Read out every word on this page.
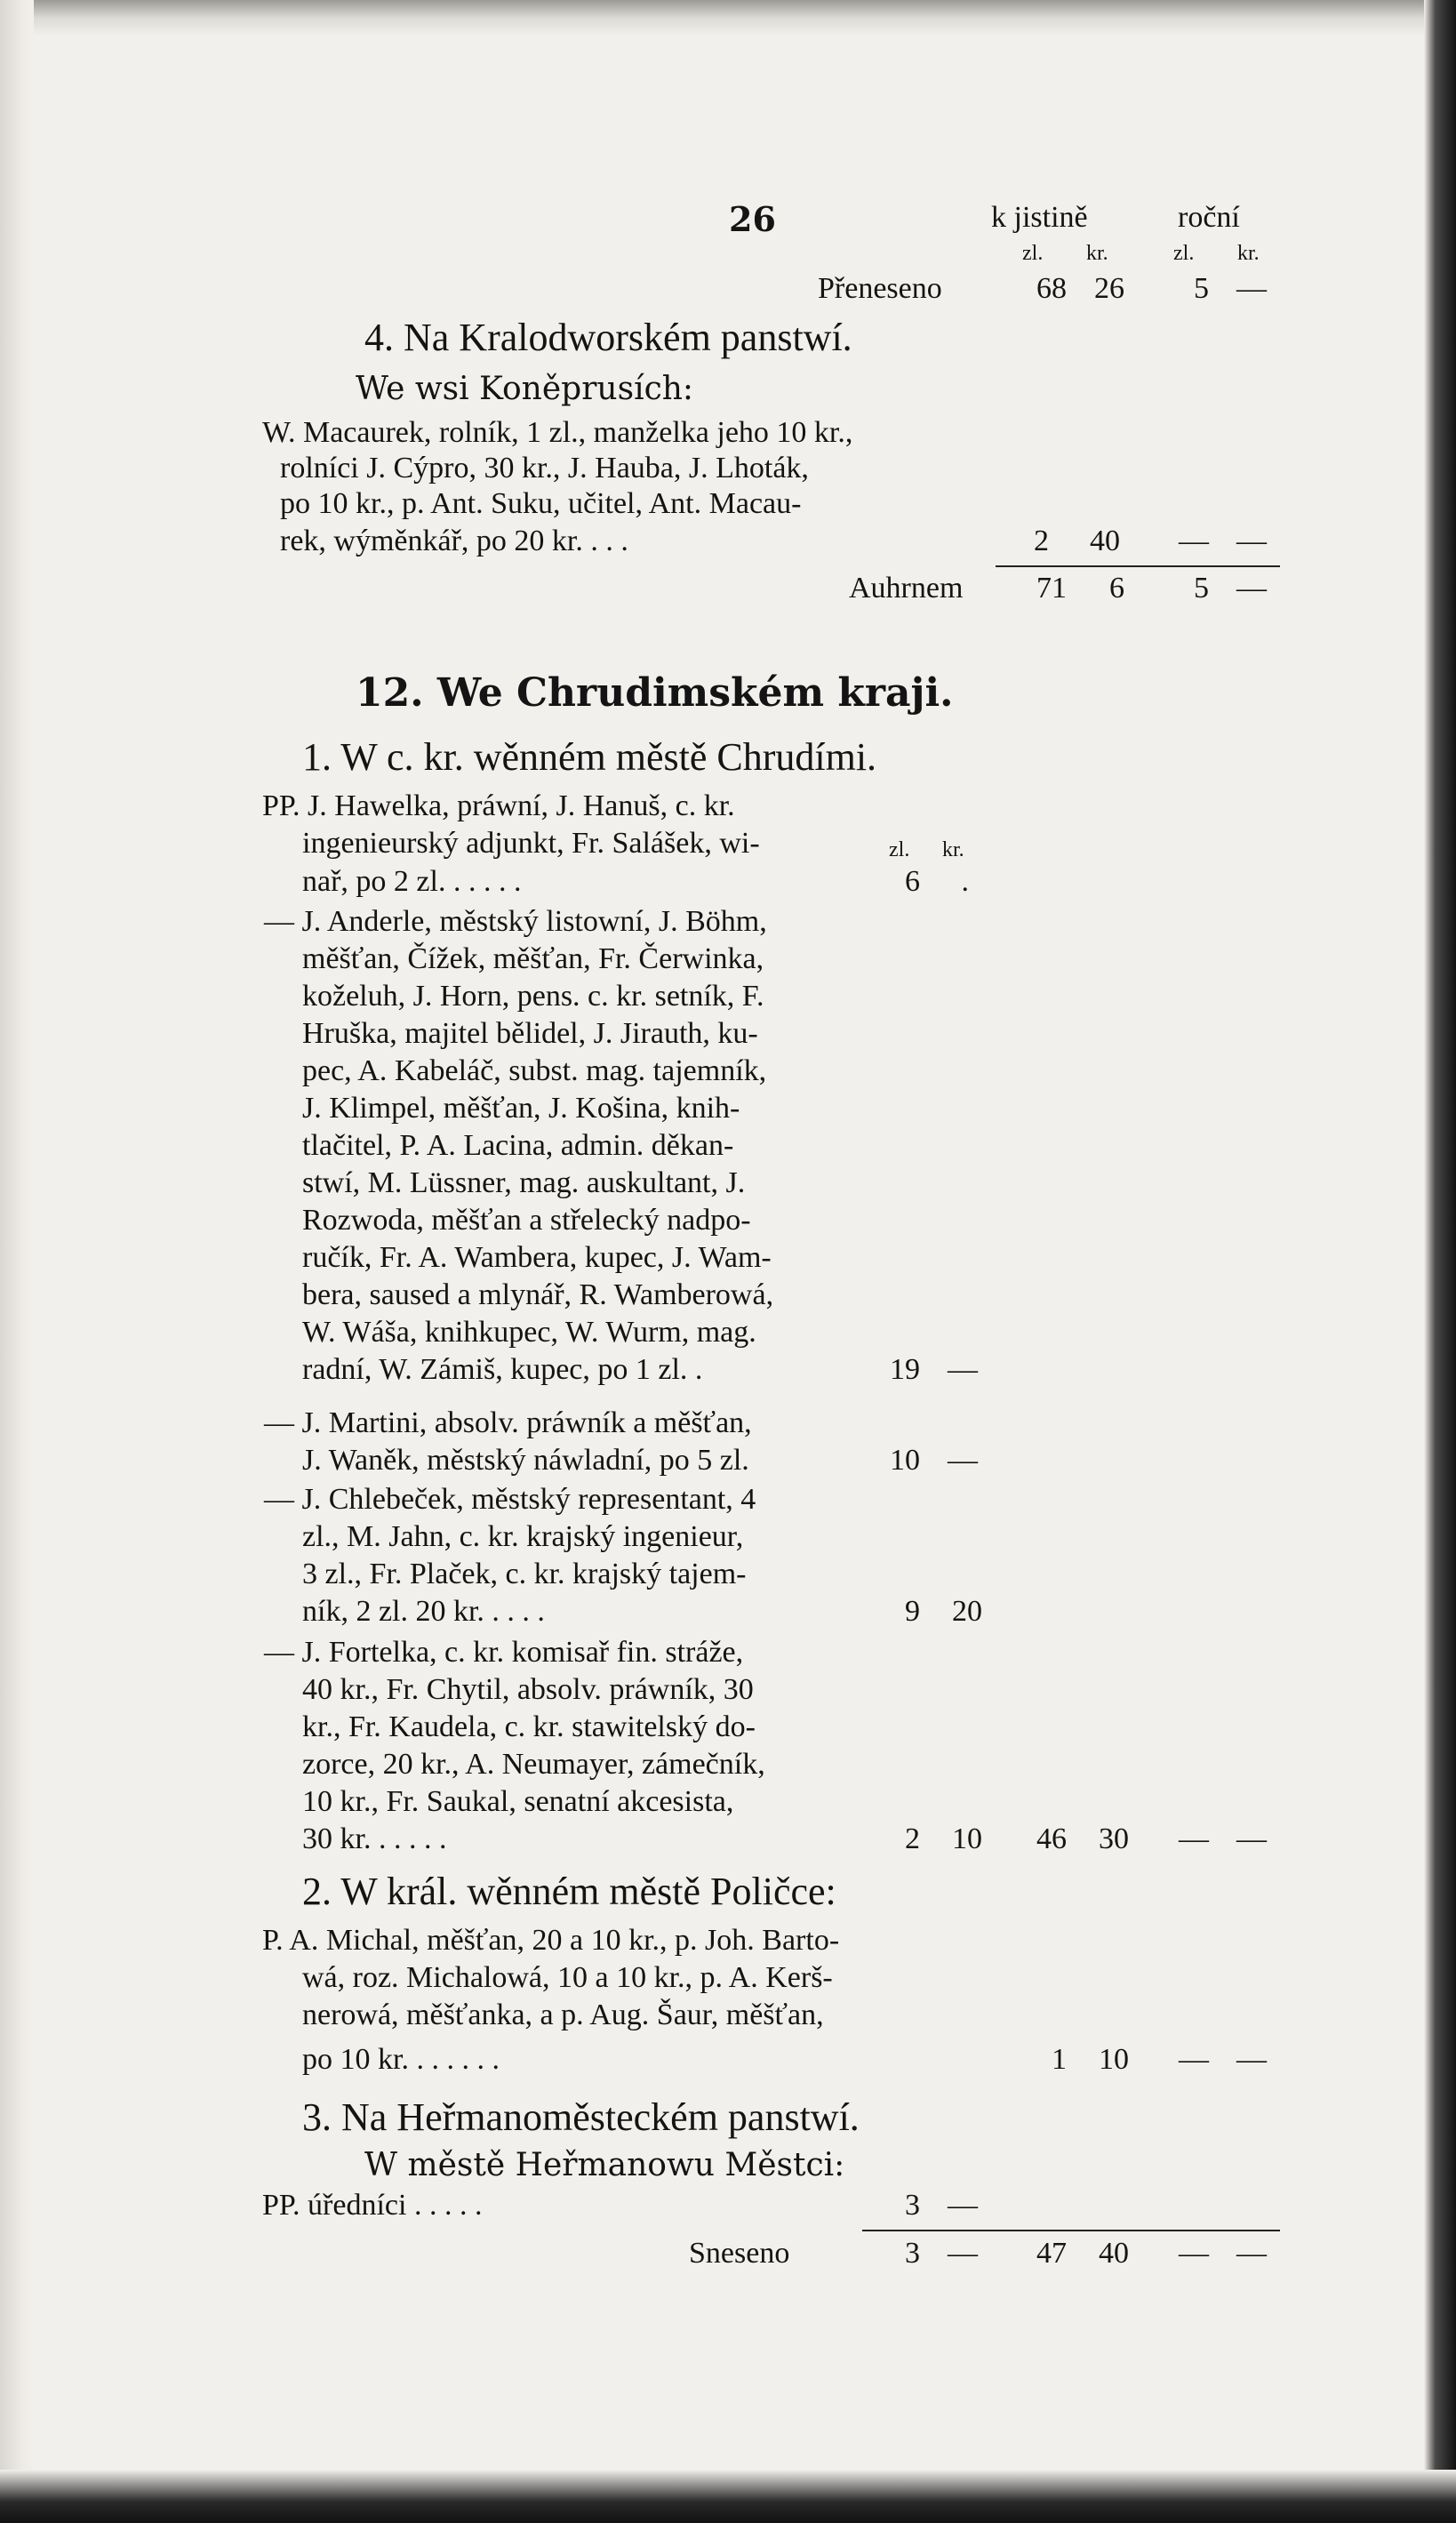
26	k jistině	roční
zl. kr.	zl. kr.
Přeneseno	68 26	5 —
4. Na Kralodworském panstwí.
We wsi Koněprusích:
W. Macaurek, rolník, 1 zl., manželka jeho 10 kr.,
rolníci J. Cýpro, 30 kr., J. Hauba, J. Lhoták,
po 10 kr., p. Ant. Suku, učitel, Ant. Macau-
rek, wýměnkář, po 20 kr. . . .	2	40 — —
Auhrnem	71	6	5 —
12. We Chrudimském kraji.
1. W c. kr. wěnném městě Chrudími.
PP. J. Hawelka, práwní, J. Hanuš, c. kr.
ingenieurský adjunkt, Fr. Salášek, wi-	zl. kr.
nař, po 2 zl. . . . . .	6	.
— J. Anderle, městský listowní, J. Böhm,
měšťan, Čížek, měšťan, Fr. Čerwinka,
koželuh, J. Horn, pens. c. kr. setník, F.
Hruška, majitel bělidel, J. Jirauth, ku-
pec, A. Kabeláč, subst. mag. tajemník,
J. Klimpel, měšťan, J. Košina, knih-
tlačitel, P. A. Lacina, admin. děkan-
stwí, M. Lüssner, mag. auskultant, J.
Rozwoda, měšťan a střelecký nadpo-
ručík, Fr. A. Wambera, kupec, J. Wam-
bera, saused a mlynář, R. Wamberowá,
W. Wáša, knihkupec, W. Wurm, mag.
radní, W. Zámiš, kupec, po 1 zl. .	19 —
— J. Martini, absolv. práwník a měšťan,
J. Waněk, městský náwladní, po 5 zl.	10 —
— J. Chlebeček, městský representant, 4
zl., M. Jahn, c. kr. krajský ingenieur,
3 zl., Fr. Plaček, c. kr. krajský tajem-
ník, 2 zl. 20 kr. . . . .	9	20
— J. Fortelka, c. kr. komisař fin. stráže,
40 kr., Fr. Chytil, absolv. práwník, 30
kr., Fr. Kaudela, c. kr. stawitelský do-
zorce, 20 kr., A. Neumayer, zámečník,
10 kr., Fr. Saukal, senatní akcesista,
30 kr. . . . . .	2	10	46	30 — —
2. W král. wěnném městě Poličce:
P. A. Michal, měšťan, 20 a 10 kr., p. Joh. Barto-
wá, roz. Michalowá, 10 a 10 kr., p. A. Kerš-
nerowá, měšťanka, a p. Aug. Šaur, měšťan,
po 10 kr. . . . . . .	1	10 — —
3. Na Heřmanoměsteckém panstwí.
W městě Heřmanowu Městci:
PP. úředníci . . . . .	3 —
Sneseno	3 —	47	40 — —
